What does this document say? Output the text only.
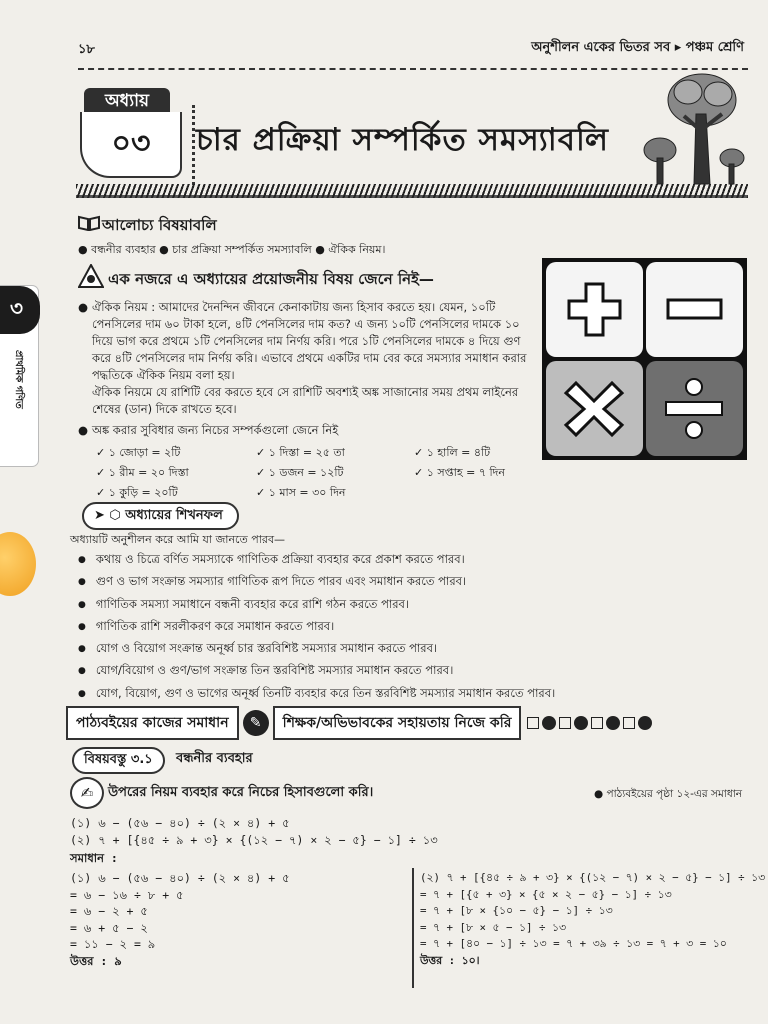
১৮	অনুশীলন একের ভিতর সব ▸ পঞ্চম শ্রেণি
অধ্যায়
০৩	চার প্রক্রিয়া সম্পর্কিত সমস্যাবলি
৩
প্রাথমিক গণিত
আলোচ্য বিষয়াবলি
● বন্ধনীর ব্যবহার ● চার প্রক্রিয়া সম্পর্কিত সমস্যাবলি ● ঐকিক নিয়ম।
এক নজরে এ অধ্যায়ের প্রয়োজনীয় বিষয় জেনে নিই—
● ঐকিক নিয়ম : আমাদের দৈনন্দিন জীবনে কেনাকাটায় জন্য হিসাব করতে হয়। যেমন, ১০টি পেনসিলের দাম ৬০ টাকা হলে, ৪টি পেনসিলের দাম কত? এ জন্য ১০টি পেনসিলের দামকে ১০ দিয়ে ভাগ করে প্রথমে ১টি পেনসিলের দাম নির্ণয় করি। পরে ১টি পেনসিলের দামকে ৪ দিয়ে গুণ করে ৪টি পেনসিলের দাম নির্ণয় করি। এভাবে প্রথমে একটির দাম বের করে সমস্যার সমাধান করার পদ্ধতিকে ঐকিক নিয়ম বলা হয়।
ঐকিক নিয়মে যে রাশিটি বের করতে হবে সে রাশিটি অবশ্যই অঙ্ক সাজানোর সময় প্রথম লাইনের শেষের (ডান) দিকে রাখতে হবে।
● অঙ্ক করার সুবিধার জন্য নিচের সম্পর্কগুলো জেনে নিই
✓ ১ জোড়া = ২টি	✓ ১ দিস্তা = ২৫ তা	✓ ১ হালি = ৪টি
✓ ১ রীম = ২০ দিস্তা	✓ ১ ডজন = ১২টি	✓ ১ সপ্তাহ = ৭ দিন
✓ ১ কুড়ি = ২০টি	✓ ১ মাস = ৩০ দিন
➤ ⬡ অধ্যায়ের শিখনফল
অধ্যায়টি অনুশীলন করে আমি যা জানতে পারব—
● কথায় ও চিত্রে বর্ণিত সমস্যাকে গাণিতিক প্রক্রিয়া ব্যবহার করে প্রকাশ করতে পারব।
● গুণ ও ভাগ সংক্রান্ত সমস্যার গাণিতিক রূপ দিতে পারব এবং সমাধান করতে পারব।
● গাণিতিক সমস্যা সমাধানে বন্ধনী ব্যবহার করে রাশি গঠন করতে পারব।
● গাণিতিক রাশি সরলীকরণ করে সমাধান করতে পারব।
● যোগ ও বিয়োগ সংক্রান্ত অনূর্ধ্ব চার স্তরবিশিষ্ট সমস্যার সমাধান করতে পারব।
● যোগ/বিয়োগ ও গুণ/ভাগ সংক্রান্ত তিন স্তরবিশিষ্ট সমস্যার সমাধান করতে পারব।
● যোগ, বিয়োগ, গুণ ও ভাগের অনূর্ধ্ব তিনটি ব্যবহার করে তিন স্তরবিশিষ্ট সমস্যার সমাধান করতে পারব।
পাঠ্যবইয়ের কাজের সমাধান	✎	শিক্ষক/অভিভাবকের সহায়তায় নিজে করি
বিষয়বস্তু ৩.১	বন্ধনীর ব্যবহার
✍	উপরের নিয়ম ব্যবহার করে নিচের হিসাবগুলো করি।	● পাঠ্যবইয়ের পৃষ্ঠা ১২-এর সমাধান
(১) ৬ − (৫৬ − ৪০) ÷ (২ × ৪) + ৫
(২) ৭ + [{৪৫ ÷ ৯ + ৩} × {(১২ − ৭) × ২ − ৫} − ১] ÷ ১৩
সমাধান :
(১) ৬ − (৫৬ − ৪০) ÷ (২ × ৪) + ৫
= ৬ − ১৬ ÷ ৮ + ৫
= ৬ − ২ + ৫
= ৬ + ৫ − ২
= ১১ − ২ = ৯
উত্তর : ৯
(২) ৭ + [{৪৫ ÷ ৯ + ৩} × {(১২ − ৭) × ২ − ৫} − ১] ÷ ১৩
= ৭ + [{৫ + ৩} × {৫ × ২ − ৫} − ১] ÷ ১৩
= ৭ + [৮ × {১০ − ৫} − ১] ÷ ১৩
= ৭ + [৮ × ৫ − ১] ÷ ১৩
= ৭ + [৪০ − ১] ÷ ১৩ = ৭ + ৩৯ ÷ ১৩ = ৭ + ৩ = ১০
উত্তর : ১০।
